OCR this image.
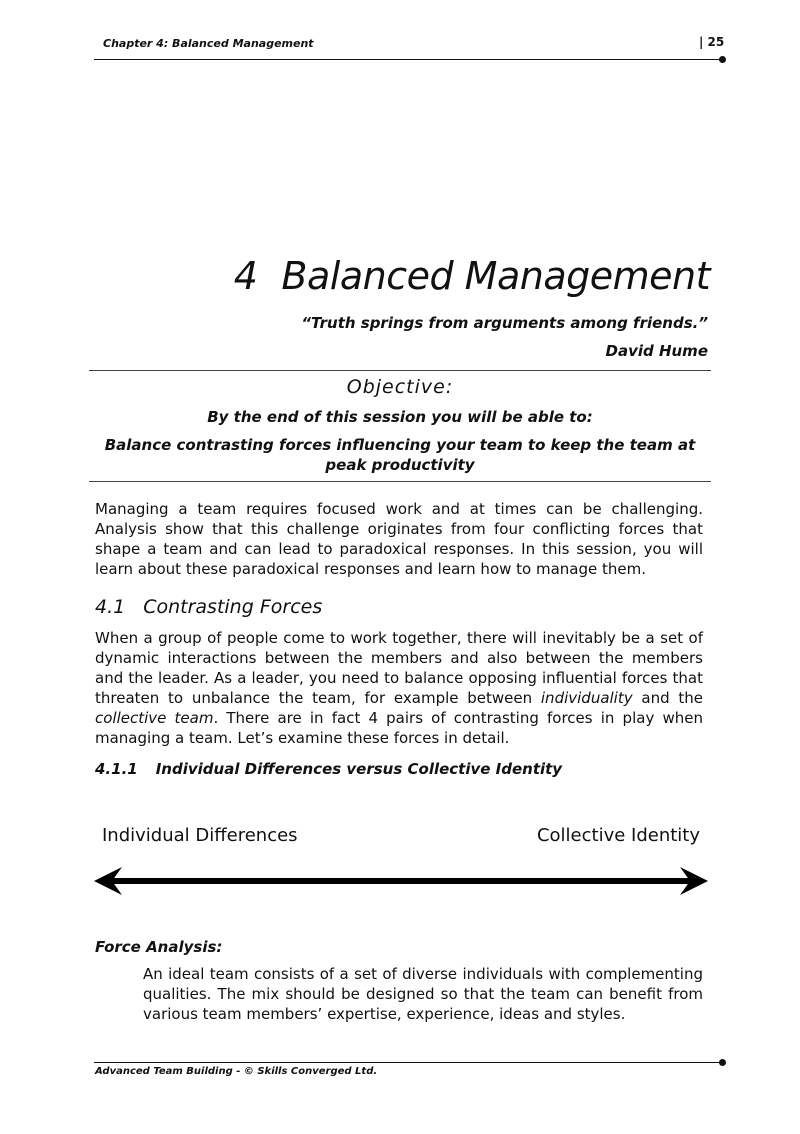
Chapter 4: Balanced Management	| 25
4 Balanced Management
“Truth springs from arguments among friends.”
David Hume
Objective:
By the end of this session you will be able to:
Balance contrasting forces influencing your team to keep the team at peak productivity
Managing a team requires focused work and at times can be challenging. Analysis show that this challenge originates from four conflicting forces that shape a team and can lead to paradoxical responses. In this session, you will learn about these paradoxical responses and learn how to manage them.
4.1 Contrasting Forces
When a group of people come to work together, there will inevitably be a set of dynamic interactions between the members and also between the members and the leader. As a leader, you need to balance opposing influential forces that threaten to unbalance the team, for example between individuality and the collective team. There are in fact 4 pairs of contrasting forces in play when managing a team. Let’s examine these forces in detail.
4.1.1 Individual Differences versus Collective Identity
Individual Differences	Collective Identity
Force Analysis:
An ideal team consists of a set of diverse individuals with complementing qualities. The mix should be designed so that the team can benefit from various team members’ expertise, experience, ideas and styles.
Advanced Team Building - © Skills Converged Ltd.
